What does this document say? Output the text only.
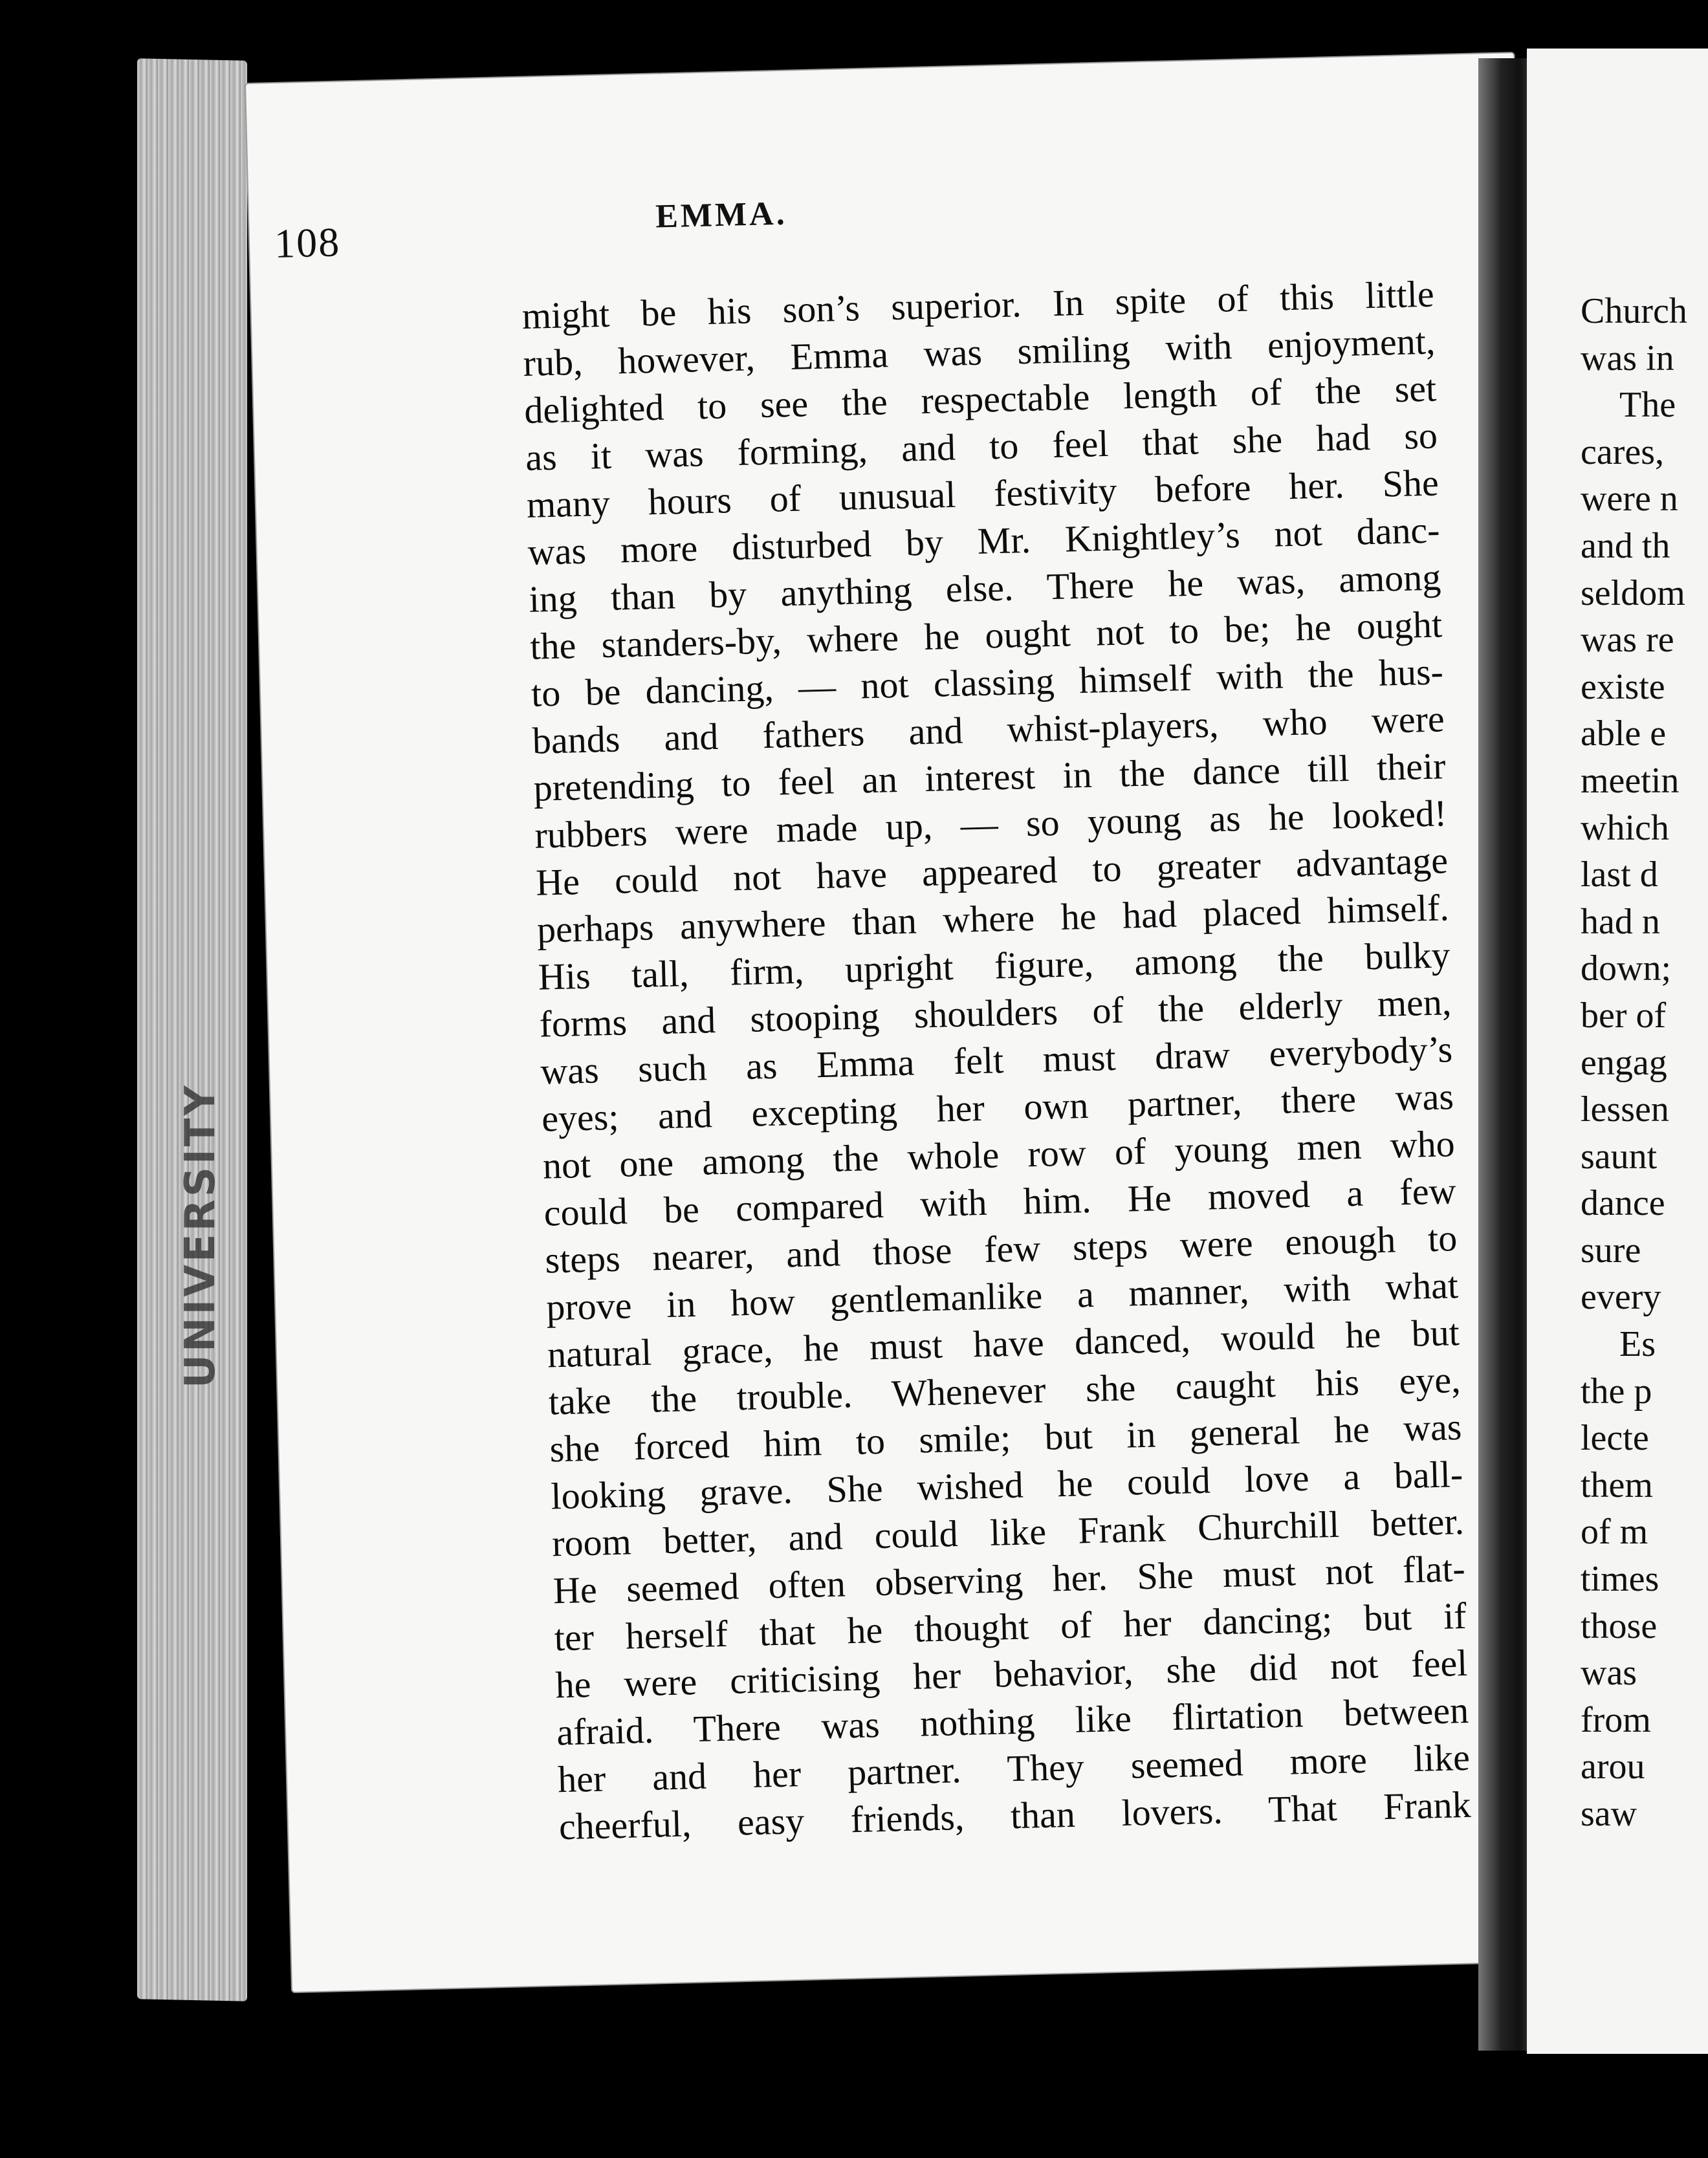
UNIVERSITY
108
EMMA.
might be his son’s superior. In spite of this little
rub, however, Emma was smiling with enjoyment,
delighted to see the respectable length of the set
as it was forming, and to feel that she had so
many hours of unusual festivity before her. She
was more disturbed by Mr. Knightley’s not danc-
ing than by anything else. There he was, among
the standers-by, where he ought not to be; he ought
to be dancing, — not classing himself with the hus-
bands and fathers and whist-players, who were
pretending to feel an interest in the dance till their
rubbers were made up, — so young as he looked!
He could not have appeared to greater advantage
perhaps anywhere than where he had placed himself.
His tall, firm, upright figure, among the bulky
forms and stooping shoulders of the elderly men,
was such as Emma felt must draw everybody’s
eyes; and excepting her own partner, there was
not one among the whole row of young men who
could be compared with him. He moved a few
steps nearer, and those few steps were enough to
prove in how gentlemanlike a manner, with what
natural grace, he must have danced, would he but
take the trouble. Whenever she caught his eye,
she forced him to smile; but in general he was
looking grave. She wished he could love a ball-
room better, and could like Frank Churchill better.
He seemed often observing her. She must not flat-
ter herself that he thought of her dancing; but if
he were criticising her behavior, she did not feel
afraid. There was nothing like flirtation between
her and her partner. They seemed more like
cheerful, easy friends, than lovers. That Frank
Church
was in
The
cares,
were n
and th
seldom
was re
existe
able e
meetin
which
last d
had n
down;
ber of
engag
lessen
saunt
dance
sure
every
Es
the p
lecte
them
of m
times
those
was
from
arou
saw
